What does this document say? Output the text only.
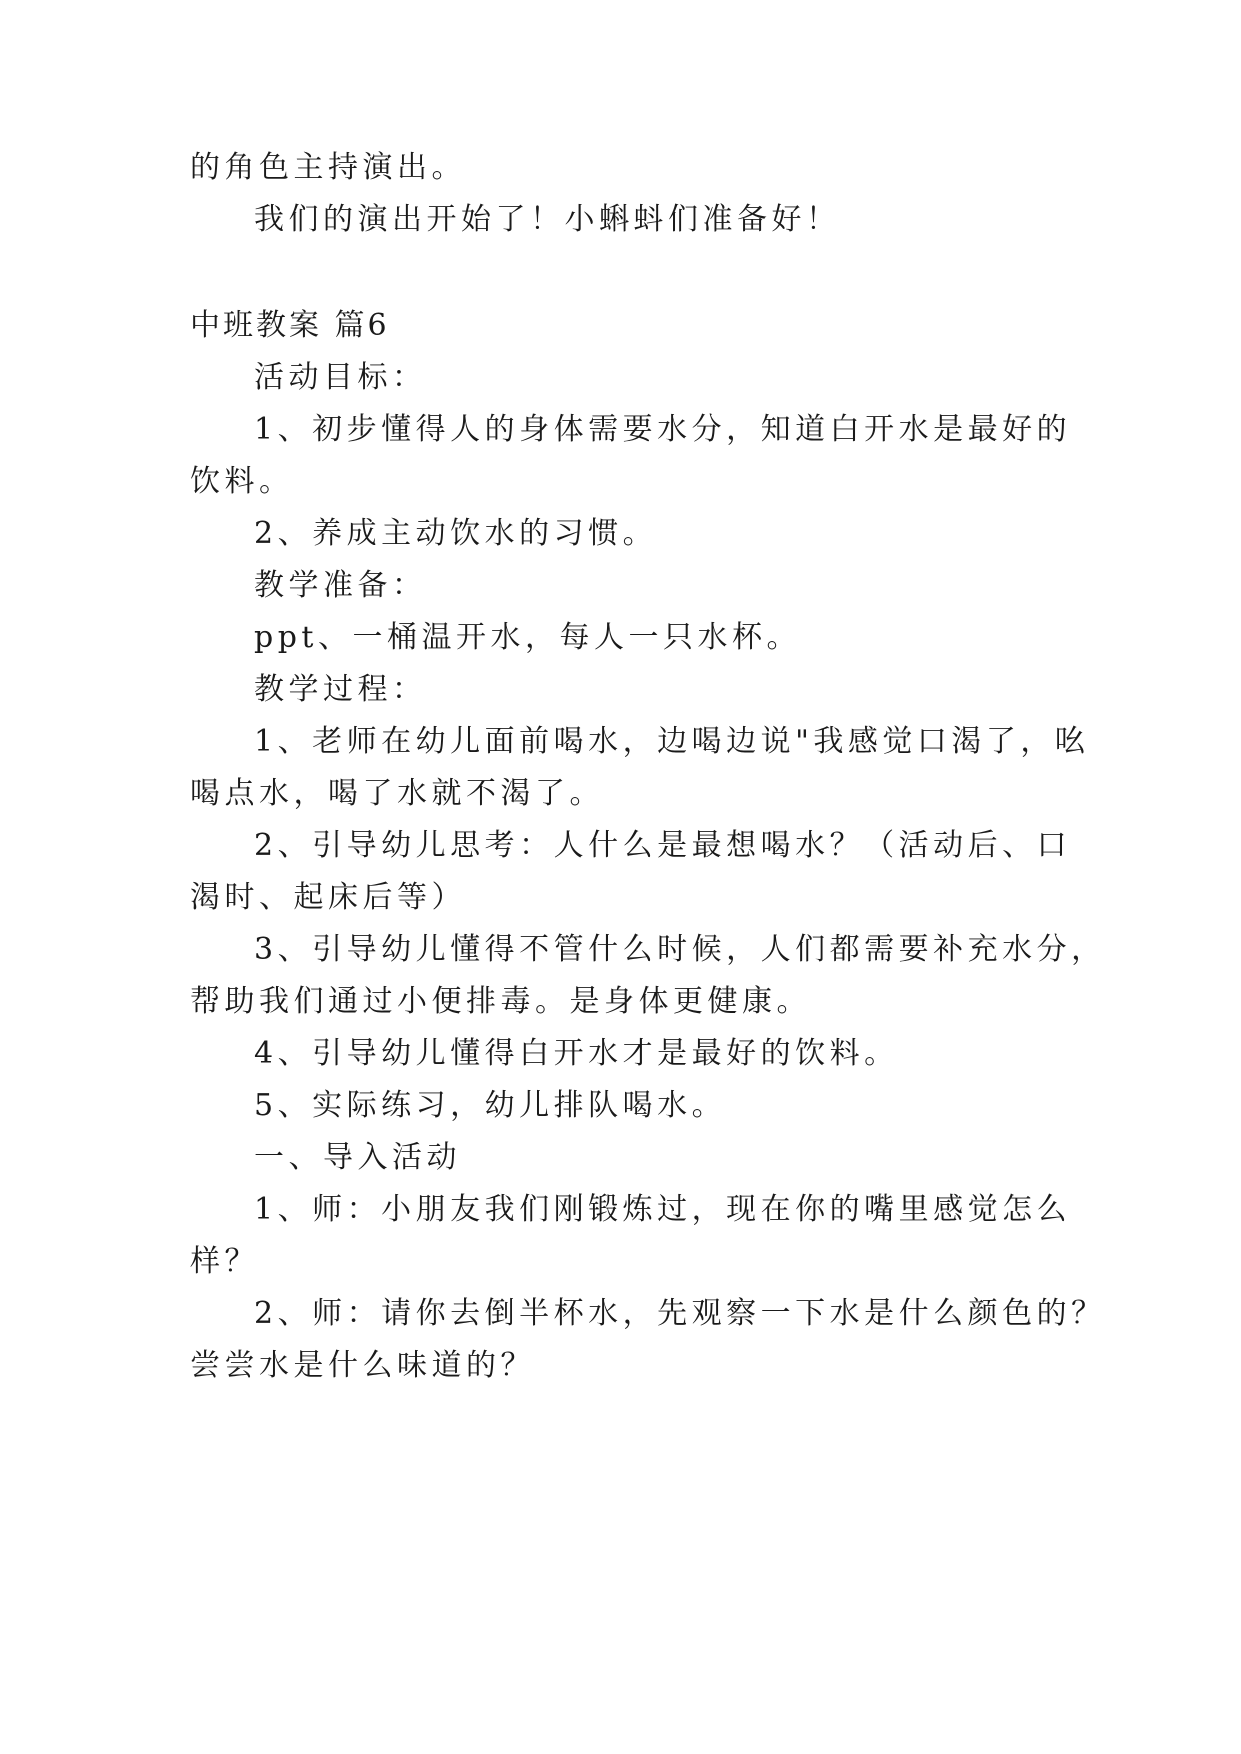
的角色主持演出。
我们的演出开始了！小蝌蚪们准备好！
中班教案 篇6
活动目标：
1、初步懂得人的身体需要水分，知道白开水是最好的
饮料。
2、养成主动饮水的习惯。
教学准备：
ppt、一桶温开水，每人一只水杯。
教学过程：
1、老师在幼儿面前喝水，边喝边说"我感觉口渴了，吆
喝点水，喝了水就不渴了。
2、引导幼儿思考：人什么是最想喝水？（活动后、口
渴时、起床后等）
3、引导幼儿懂得不管什么时候，人们都需要补充水分，
帮助我们通过小便排毒。是身体更健康。
4、引导幼儿懂得白开水才是最好的饮料。
5、实际练习，幼儿排队喝水。
一、导入活动
1、师：小朋友我们刚锻炼过，现在你的嘴里感觉怎么
样？
2、师：请你去倒半杯水，先观察一下水是什么颜色的？
尝尝水是什么味道的？
